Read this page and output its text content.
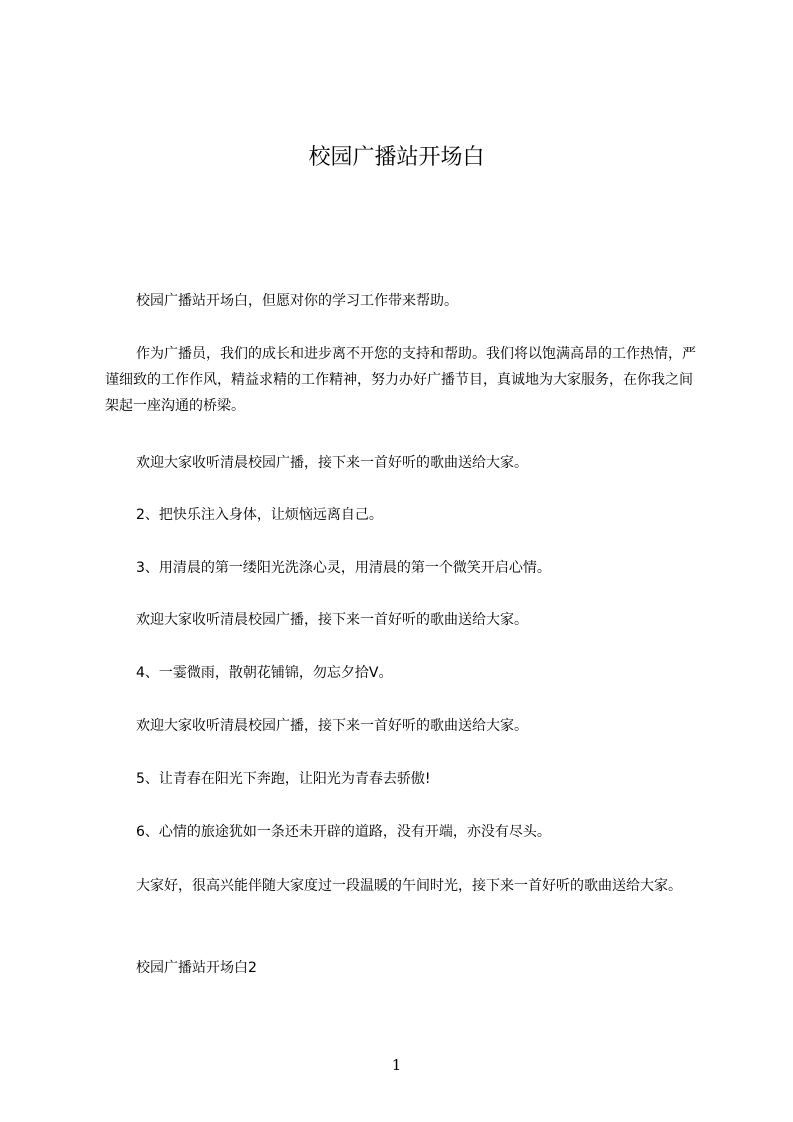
校园广播站开场白

校园广播站开场白，但愿对你的学习工作带来帮助。

作为广播员，我们的成长和进步离不开您的支持和帮助。我们将以饱满高昂的工作热情，严谨细致的工作作风，精益求精的工作精神，努力办好广播节目，真诚地为大家服务，在你我之间架起一座沟通的桥梁。

欢迎大家收听清晨校园广播，接下来一首好听的歌曲送给大家。

2、把快乐注入身体，让烦恼远离自己。

3、用清晨的第一缕阳光洗涤心灵，用清晨的第一个微笑开启心情。

欢迎大家收听清晨校园广播，接下来一首好听的歌曲送给大家。

4、一霎微雨，散朝花铺锦，勿忘夕拾V。

欢迎大家收听清晨校园广播，接下来一首好听的歌曲送给大家。

5、让青春在阳光下奔跑，让阳光为青春去骄傲!

6、心情的旅途犹如一条还未开辟的道路，没有开端，亦没有尽头。

大家好，很高兴能伴随大家度过一段温暖的午间时光，接下来一首好听的歌曲送给大家。

校园广播站开场白2

1
